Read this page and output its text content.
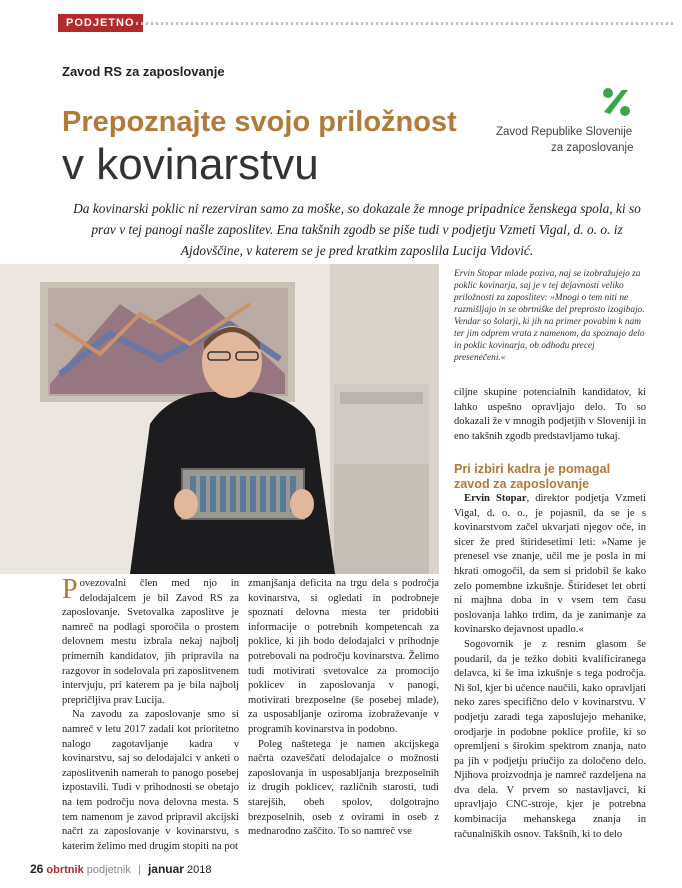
PODJETNO
Zavod RS za zaposlovanje
Prepoznajte svojo priložnost
v kovinarstvu
Zavod Republike Slovenije
za zaposlovanje
Da kovinarski poklic ni rezerviran samo za moške, so dokazale že mnoge pripadnice ženskega spola, ki so prav v tej panogi našle zaposlitev. Ena takšnih zgodb se piše tudi v podjetju Vzmeti Vigal, d. o. o. iz Ajdovščine, v katerem se je pred kratkim zaposlila Lucija Vidović.
Ervin Stopar mlade poziva, naj se izobražujejo za poklic kovinarja, saj je v tej dejavnosti veliko priložnosti za zaposlitev: »Mnogi o tem niti ne razmišljajo in se obrtniške del preprosto izogibajo. Vendar so šolarji, ki jih na primer povabim k nam ter jim odprem vrata z namenom, da spoznajo delo in poklic kovinarja, ob odhodu precej presenečeni.«

Povezovalni člen med njo in delodajalcem je bil Zavod RS za zaposlovanje. Svetovalka zaposlitve je namreč na podlagi sporočila o prostem delovnem mestu izbrala nekaj najbolj primernih kandidatov, jih pripravila na razgovor in sodelovala pri zaposlitvenem intervjuju, pri katerem pa je bila najbolj prepričljiva prav Lucija.

Na zavodu za zaposlovanje smo si namreč v letu 2017 zadali kot prioritetno nalogo zagotavljanje kadra v kovinarstvu, saj so delodajalci v anketi o zaposlitvenih namerah to panogo posebej izpostavili. Tudi v prihodnosti se obetajo na tem področju nova delovna mesta. S tem namenom je zavod pripravil akcijski načrt za zaposlovanje v kovinarstvu, s katerim želimo med drugim stopiti na pot

zmanjšanja deficita na trgu dela s področja kovinarstva, si ogledati in podrobneje spoznati delovna mesta ter pridobiti informacije o potrebnih kompetencah za poklice, ki jih bodo delodajalci v prihodnje potrebovali na področju kovinarstva. Želimo tudi motivirati svetovalce za promocijo poklicev in zaposlovanja v panogi, motivirati brezposelne (še posebej mlade), za usposabljanje oziroma izobraževanje v programih kovinarstva in podobno.

Poleg naštetega je namen akcijskega načrta ozaveščati delodajalce o možnosti zaposlovanja in usposabljanja brezposelnih iz drugih poklicev, različnih starosti, tudi starejših, obeh spolov, dolgotrajno brezposelnih, oseb z ovirami in oseb z mednarodno zaščito. To so namreč vse

ciljne skupine potencialnih kandidatov, ki lahko uspešno opravljajo delo. To so dokazali že v mnogih podjetjih v Sloveniji in eno takšnih zgodb predstavljamo tukaj.

Pri izbiri kadra je pomagal zavod za zaposlovanje

Ervin Stopar, direktor podjetja Vzmeti Vigal, d. o. o., je pojasnil, da se je s kovinarstvom začel ukvarjati njegov oče, in sicer že pred štiridesetimi leti: »Name je prenesel vse znanje, učil me je posla in mi hkrati omogočil, da sem si pridobil še kako zelo pomembne izkušnje. Štirideset let obrti ni majhna doba in v vsem tem času poslovanja lahko trdim, da je zanimanje za kovinarsko dejavnost upadlo.«

Sogovornik je z resnim glasom še poudaril, da je težko dobiti kvalificiranega delavca, ki še ima izkušnje s tega področja. Ni šol, kjer bi učence naučili, kako opravljati neko zares specifično delo v kovinarstvu. V podjetju zaradi tega zaposlujejo mehanike, orodjarje in podobne poklice profile, ki so opremljeni s širokim spektrom znanja, nato pa jih v podjetju priučijo za določeno delo. Njihova proizvodnja je namreč razdeljena na dva dela. V prvem so nastavljavci, ki upravljajo CNC-stroje, kjer je potrebna kombinacija mehanskega znanja in računalniških osnov. Takšnih, ki to delo

26 obrtnik podjetnik januar 2018
